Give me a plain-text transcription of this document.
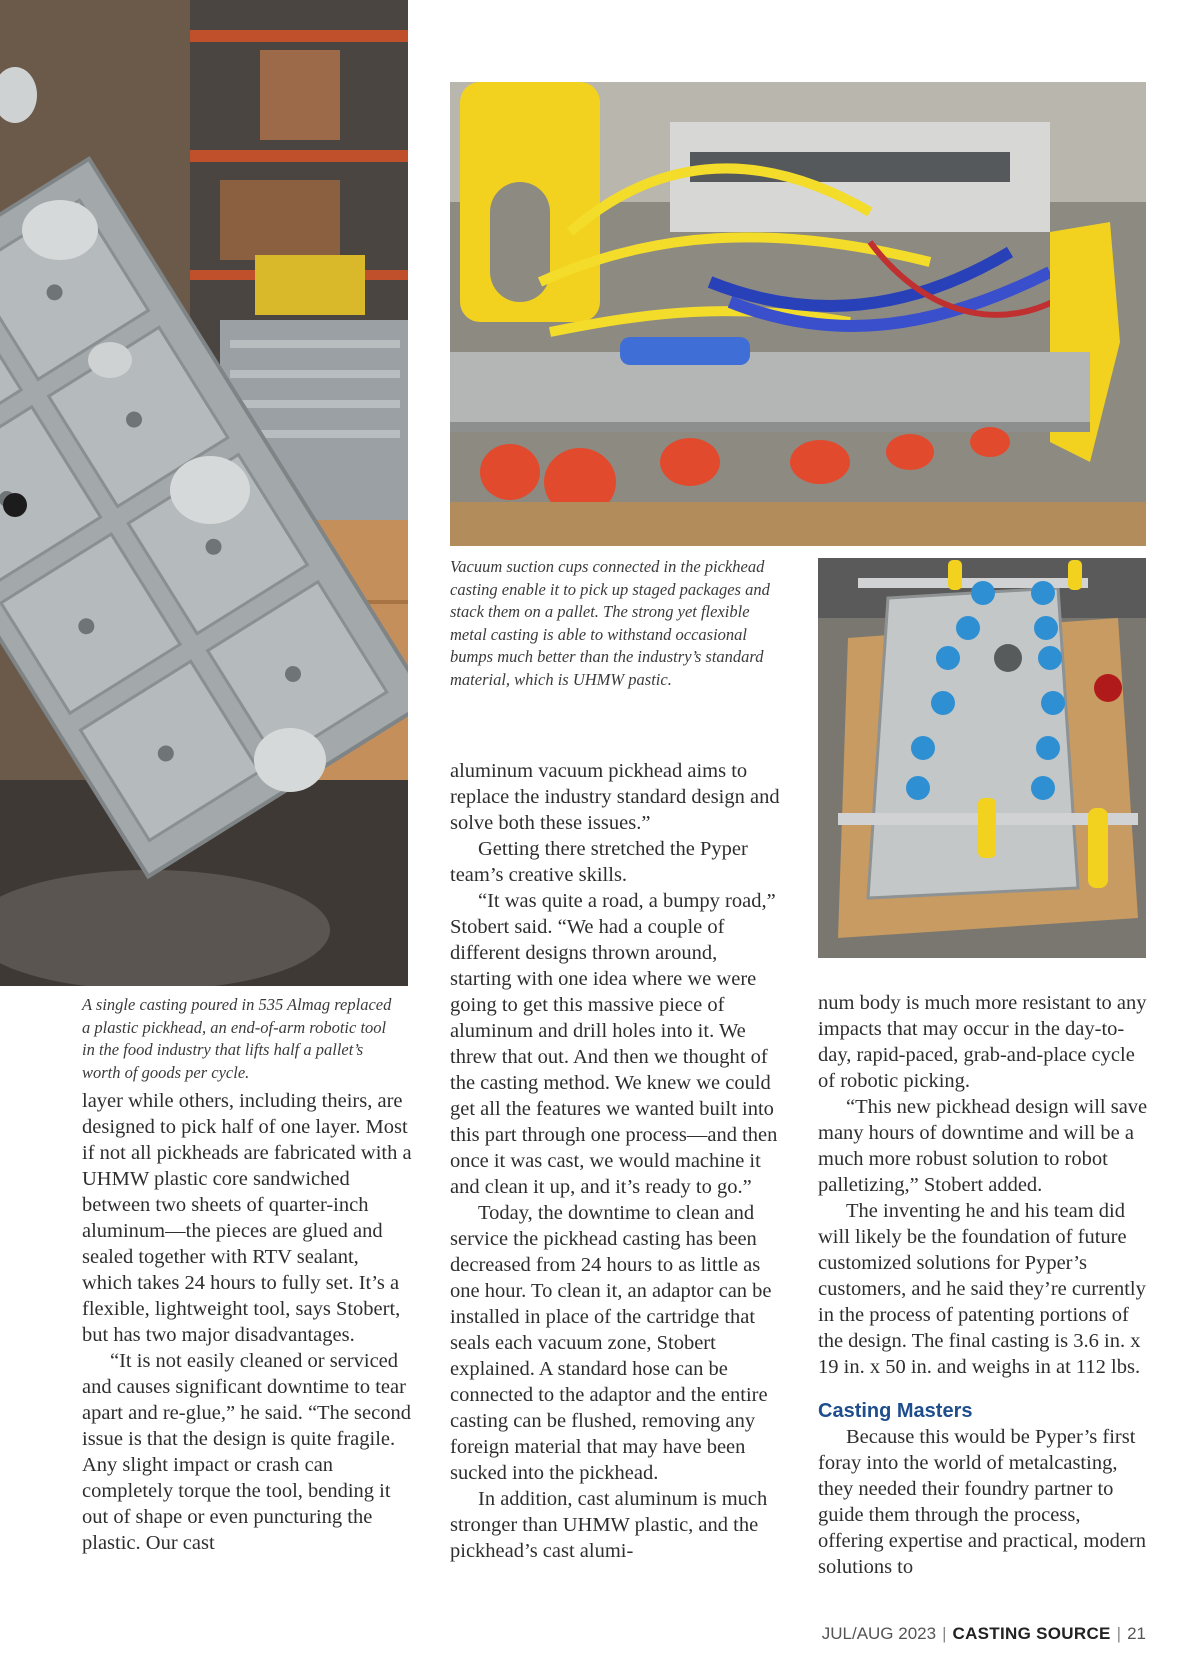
A single casting poured in 535 Almag replaced a plastic pickhead, an end-of-arm robotic tool in the food industry that lifts half a pallet’s worth of goods per cycle.
Vacuum suction cups connected in the pickhead casting enable it to pick up staged packages and stack them on a pallet. The strong yet flexible metal casting is able to withstand occasional bumps much better than the industry’s standard material, which is UHMW pastic.

layer while others, including theirs, are designed to pick half of one layer. Most if not all pickheads are fabricated with a UHMW plastic core sandwiched between two sheets of quarter-inch aluminum—the pieces are glued and sealed together with RTV sealant, which takes 24 hours to fully set. It’s a flexible, lightweight tool, says Stobert, but has two major disadvantages.

“It is not easily cleaned or serviced and causes significant downtime to tear apart and re-glue,” he said. “The second issue is that the design is quite fragile. Any slight impact or crash can completely torque the tool, bending it out of shape or even puncturing the plastic. Our cast

aluminum vacuum pickhead aims to replace the industry standard design and solve both these issues.”

Getting there stretched the Pyper team’s creative skills.

“It was quite a road, a bumpy road,” Stobert said. “We had a couple of different designs thrown around, starting with one idea where we were going to get this massive piece of aluminum and drill holes into it. We threw that out. And then we thought of the casting method. We knew we could get all the features we wanted built into this part through one process—and then once it was cast, we would machine it and clean it up, and it’s ready to go.”

Today, the downtime to clean and service the pickhead casting has been decreased from 24 hours to as little as one hour. To clean it, an adaptor can be installed in place of the cartridge that seals each vacuum zone, Stobert explained. A standard hose can be connected to the adaptor and the entire casting can be flushed, removing any foreign material that may have been sucked into the pickhead.

In addition, cast aluminum is much stronger than UHMW plastic, and the pickhead’s cast alumi-

num body is much more resistant to any impacts that may occur in the day-to-day, rapid-paced, grab-and-place cycle of robotic picking.

“This new pickhead design will save many hours of downtime and will be a much more robust solution to robot palletizing,” Stobert added.

The inventing he and his team did will likely be the foundation of future customized solutions for Pyper’s customers, and he said they’re currently in the process of patenting portions of the design. The final casting is 3.6 in. x 19 in. x 50 in. and weighs in at 112 lbs.

Casting Masters

Because this would be Pyper’s first foray into the world of metalcasting, they needed their foundry partner to guide them through the process, offering expertise and practical, modern solutions to

JUL/AUG 2023 | CASTING SOURCE | 21
